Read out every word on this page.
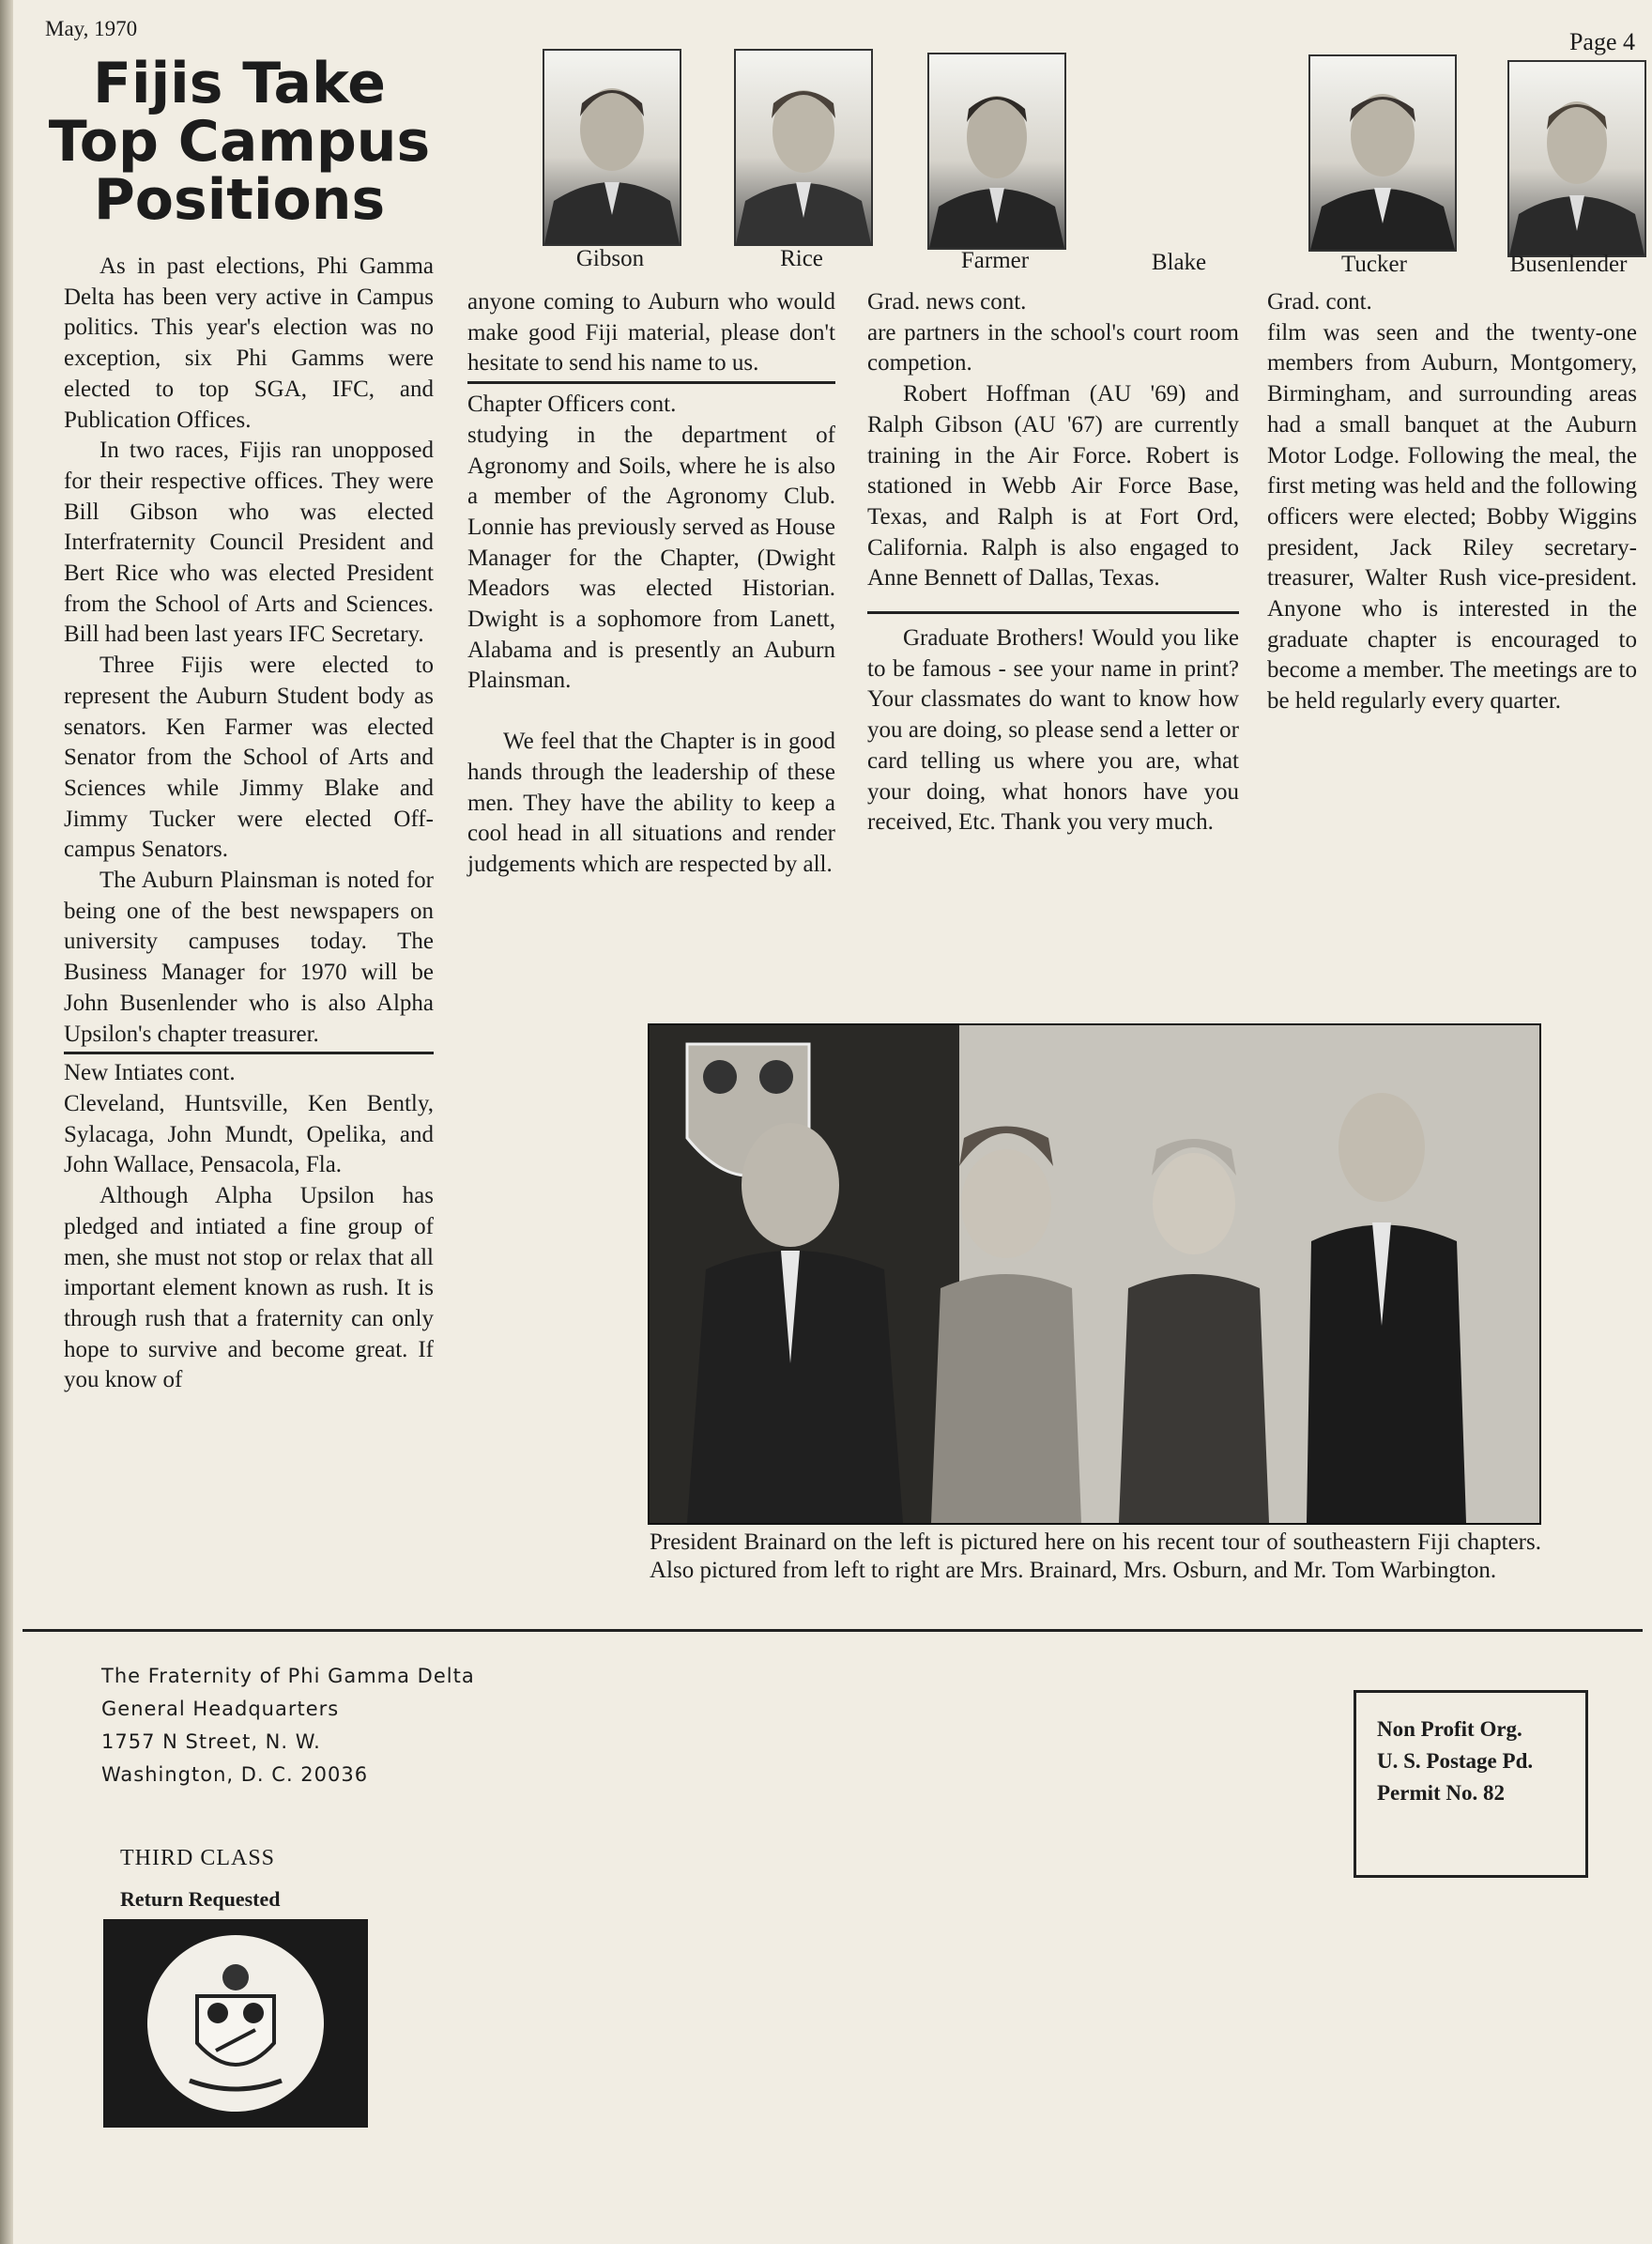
May, 1970	Page 4
Fijis Take
Top Campus
Positions
Gibson	Rice	Farmer	Blake	Tucker	Busenlender

As in past elections, Phi Gamma Delta has been very active in Campus politics. This year's election was no exception, six Phi Gamms were elected to top SGA, IFC, and Publication Offices.

In two races, Fijis ran unopposed for their respective offices. They were Bill Gibson who was elected Interfraternity Council President and Bert Rice who was elected President from the School of Arts and Sciences. Bill had been last years IFC Secretary.

Three Fijis were elected to represent the Auburn Student body as senators. Ken Farmer was elected Senator from the School of Arts and Sciences while Jimmy Blake and Jimmy Tucker were elected Off-campus Senators.

The Auburn Plainsman is noted for being one of the best newspapers on university campuses today. The Business Manager for 1970 will be John Busenlender who is also Alpha Upsilon's chapter treasurer.

New Intiates cont.

Cleveland, Huntsville, Ken Bently, Sylacaga, John Mundt, Opelika, and John Wallace, Pensacola, Fla.

Although Alpha Upsilon has pledged and intiated a fine group of men, she must not stop or relax that all important element known as rush. It is through rush that a fraternity can only hope to survive and become great. If you know of

anyone coming to Auburn who would make good Fiji material, please don't hesitate to send his name to us.

Chapter Officers cont.

studying in the department of Agronomy and Soils, where he is also a member of the Agronomy Club. Lonnie has previously served as House Manager for the Chapter, (Dwight Meadors was elected Historian. Dwight is a sophomore from Lanett, Alabama and is presently an Auburn Plainsman.

We feel that the Chapter is in good hands through the leadership of these men. They have the ability to keep a cool head in all situations and render judgements which are respected by all.

Grad. news cont.

are partners in the school's court room competion.

Robert Hoffman (AU '69) and Ralph Gibson (AU '67) are currently training in the Air Force. Robert is stationed in Webb Air Force Base, Texas, and Ralph is at Fort Ord, California. Ralph is also engaged to Anne Bennett of Dallas, Texas.

Graduate Brothers! Would you like to be famous - see your name in print? Your classmates do want to know how you are doing, so please send a letter or card telling us where you are, what your doing, what honors have you received, Etc. Thank you very much.

Grad. cont.

film was seen and the twenty-one members from Auburn, Montgomery, Birmingham, and surrounding areas had a small banquet at the Auburn Motor Lodge. Following the meal, the first meting was held and the following officers were elected; Bobby Wiggins president, Jack Riley secretary-treasurer, Walter Rush vice-president. Anyone who is interested in the graduate chapter is encouraged to become a member. The meetings are to be held regularly every quarter.

President Brainard on the left is pictured here on his recent tour of southeastern Fiji chapters. Also pictured from left to right are Mrs. Brainard, Mrs. Osburn, and Mr. Tom Warbington.
The Fraternity of Phi Gamma Delta
General Headquarters
1757 N Street, N. W.
Washington, D. C. 20036
Non Profit Org.
U. S. Postage Pd.
Permit No. 82
THIRD CLASS
Return Requested
